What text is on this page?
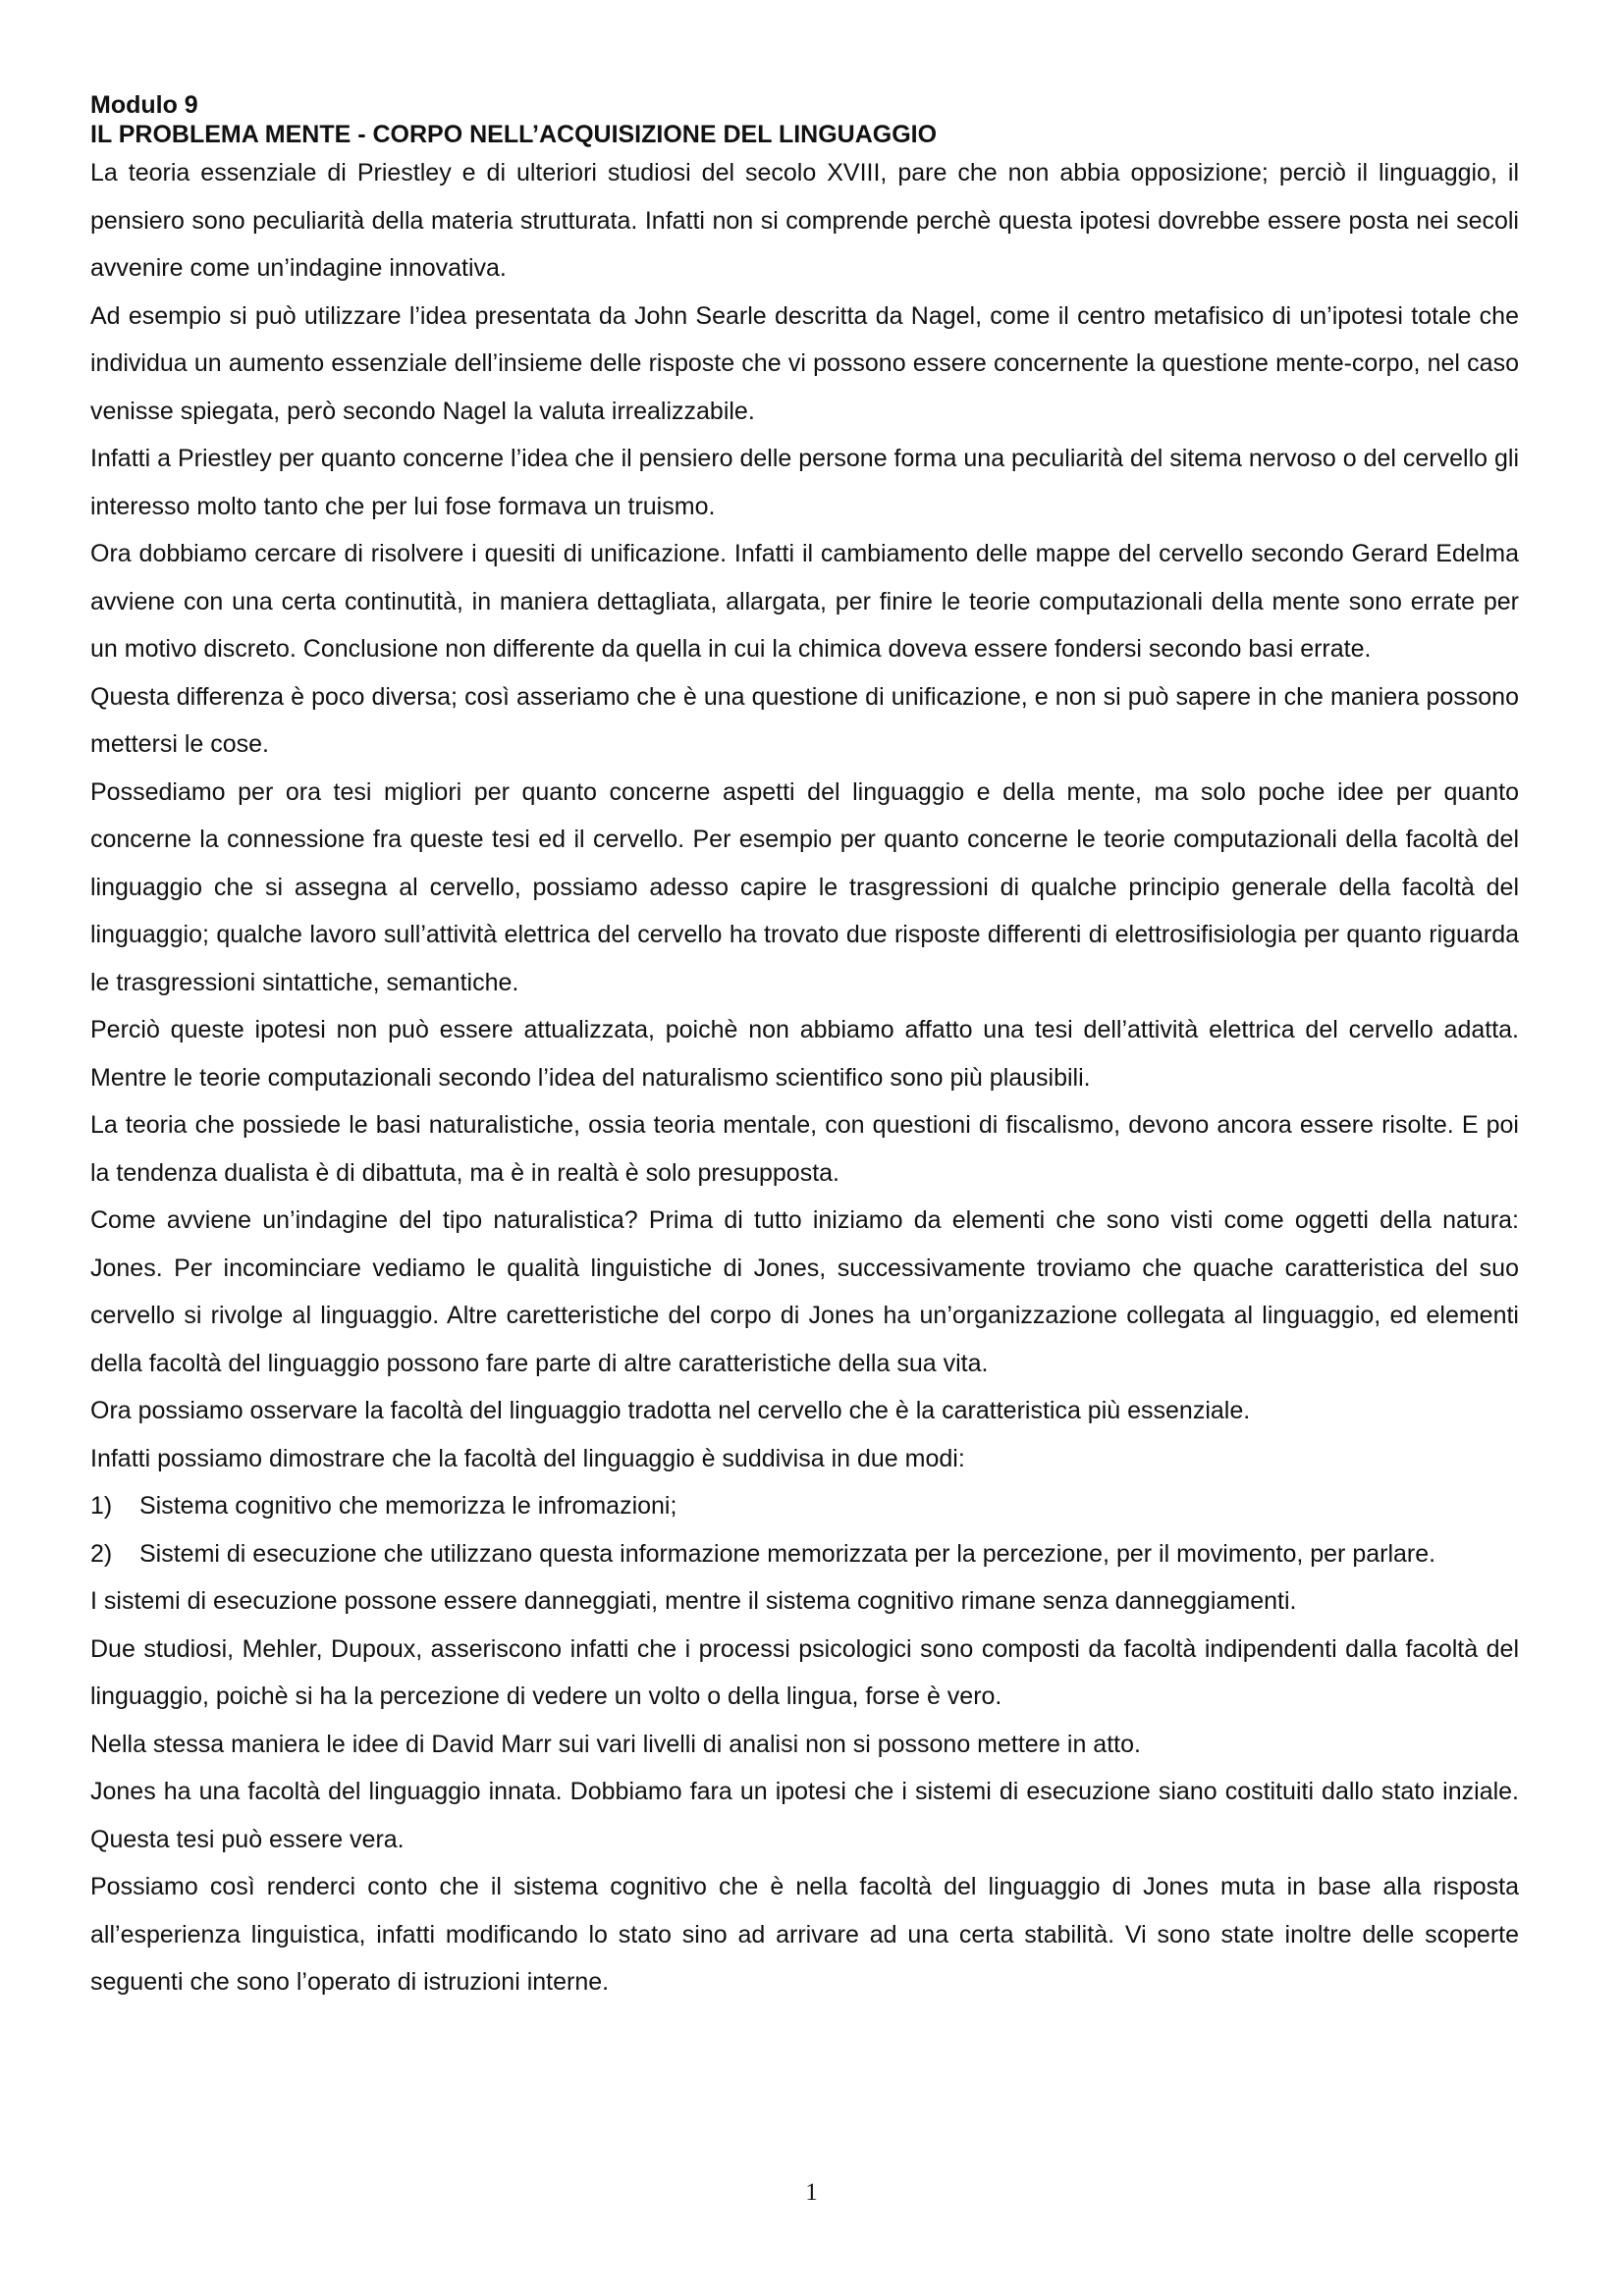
Modulo 9

IL PROBLEMA MENTE - CORPO NELL’ACQUISIZIONE DEL LINGUAGGIO

La teoria essenziale di Priestley e di ulteriori studiosi del secolo XVIII, pare che non abbia opposizione; perciò il linguaggio, il pensiero sono peculiarità della materia strutturata. Infatti non si comprende perchè questa ipotesi dovrebbe essere posta nei secoli avvenire come un’indagine innovativa.

Ad esempio si può utilizzare l’idea presentata da John Searle descritta da Nagel, come il centro metafisico di un’ipotesi totale che individua un aumento essenziale dell’insieme delle risposte che vi possono essere concernente la questione mente-corpo, nel caso venisse spiegata, però secondo Nagel la valuta irrealizzabile.

Infatti a Priestley per quanto concerne l’idea che il pensiero delle persone forma una peculiarità del sitema nervoso o del cervello gli interesso molto tanto che per lui fose formava un truismo.

Ora dobbiamo cercare di risolvere i quesiti di unificazione. Infatti il cambiamento delle mappe del cervello secondo Gerard Edelma avviene con una certa continutità, in maniera dettagliata, allargata, per finire le teorie computazionali della mente sono errate per un motivo discreto. Conclusione non differente da quella in cui la chimica doveva essere fondersi secondo basi errate.

Questa differenza è poco diversa; così asseriamo che è una questione di unificazione, e non si può sapere in che maniera possono mettersi le cose.

Possediamo per ora tesi migliori per quanto concerne aspetti del linguaggio e della mente, ma solo poche idee per quanto concerne la connessione fra queste tesi ed il cervello. Per esempio per quanto concerne le teorie computazionali della facoltà del linguaggio che si assegna al cervello, possiamo adesso capire le trasgressioni di qualche principio generale della facoltà del linguaggio; qualche lavoro sull’attività elettrica del cervello ha trovato due risposte differenti di elettrosifisiologia per quanto riguarda le trasgressioni sintattiche, semantiche.

Perciò queste ipotesi non può essere attualizzata, poichè non abbiamo affatto una tesi dell’attività elettrica del cervello adatta. Mentre le teorie computazionali secondo l’idea del naturalismo scientifico sono più plausibili.

La teoria che possiede le basi naturalistiche, ossia teoria mentale, con questioni di fiscalismo, devono ancora essere risolte. E poi la tendenza dualista è di dibattuta, ma è in realtà è solo presupposta.

Come avviene un’indagine del tipo naturalistica? Prima di tutto iniziamo da elementi che sono visti come oggetti della natura: Jones. Per incominciare vediamo le qualità linguistiche di Jones, successivamente troviamo che quache caratteristica del suo cervello si rivolge al linguaggio. Altre caretteristiche del corpo di Jones ha un’organizzazione collegata al linguaggio, ed elementi della facoltà del linguaggio possono fare parte di altre caratteristiche della sua vita.

Ora possiamo osservare la facoltà del linguaggio tradotta nel cervello che è la caratteristica più essenziale.

Infatti possiamo dimostrare che la facoltà del linguaggio è suddivisa in due modi:

1) Sistema cognitivo che memorizza le infromazioni;
2) Sistemi di esecuzione che utilizzano questa informazione memorizzata per la percezione, per il movimento, per parlare.

I sistemi di esecuzione possone essere danneggiati, mentre il sistema cognitivo rimane senza danneggiamenti.

Due studiosi, Mehler, Dupoux, asseriscono infatti che i processi psicologici sono composti da facoltà indipendenti dalla facoltà del linguaggio, poichè si ha la percezione di vedere un volto o della lingua, forse è vero.

Nella stessa maniera le idee di David Marr sui vari livelli di analisi non si possono mettere in atto.

Jones ha una facoltà del linguaggio innata. Dobbiamo fara un ipotesi che i sistemi di esecuzione siano costituiti dallo stato inziale. Questa tesi può essere vera.

Possiamo così renderci conto che il sistema cognitivo che è nella facoltà del linguaggio di Jones muta in base alla risposta all’esperienza linguistica, infatti modificando lo stato sino ad arrivare ad una certa stabilità. Vi sono state inoltre delle scoperte seguenti che sono l’operato di istruzioni interne.

1
